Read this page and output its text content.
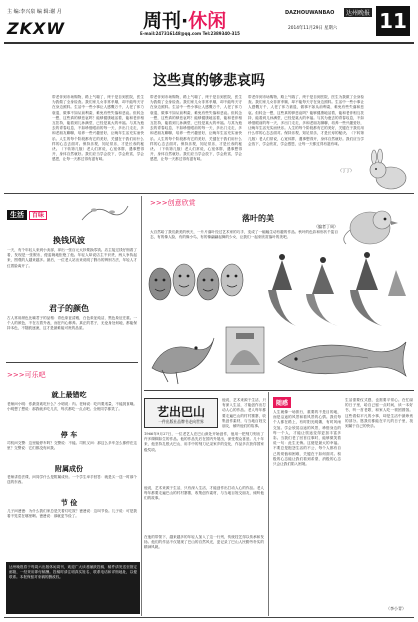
主 编:李兴泉 编 辑:谢 月
ZKXW	周刊·休闲
E-mail:247316148@qq.com Tel:2389340-315
DAZHOUWANBAO	达州晚报
2014年11月29日 星期六 11
这些真的够悲哀吗
带老伴到市场购物，路上气喘了，终于是自到医院，医生为我做了全身检查。我们家儿女非常孝顺，却不能每天守在身边照料。生活中一些小事让人感慨万千，人老了体力衰退，做事不如从前利索，难免有些失落和悲哀。但转念一想，这些真的够悲哀吗？能够健康地活着，能和老伴相互扶持，能看到儿孙满堂，已经是莫大的幸福。与其为逝去的青春叹息，不如珍惜眼前的每一天，多出门走走，多和老朋友聊聊，培养一些兴趣爱好，让晚年生活充实而快乐。人生的每个阶段都有它的美好，关键在于我们用什么样的心态去面对。保持乐观，知足常乐，才是长寿的秘诀。（下转第几版）老人们常说，心宽体胖，遇事想得开，身体自然就好。我们应当学会放下，学会欣赏，学会感恩，让每一天都过得有滋有味。
带老伴到市场购物，路上气喘了，终于是自到医院，医生为我做了全身检查。我们家儿女非常孝顺，却不能每天守在身边照料。生活中一些小事让人感慨万千，人老了体力衰退，做事不如从前利索，难免有些失落和悲哀。但转念一想，这些真的够悲哀吗？能够健康地活着，能和老伴相互扶持，能看到儿孙满堂，已经是莫大的幸福。与其为逝去的青春叹息，不如珍惜眼前的每一天，多出门走走，多和老朋友聊聊，培养一些兴趣爱好，让晚年生活充实而快乐。人生的每个阶段都有它的美好，关键在于我们用什么样的心态去面对。保持乐观，知足常乐，才是长寿的秘诀。（下转第几版）老人们常说，心宽体胖，遇事想得开，身体自然就好。我们应当学会放下，学会欣赏，学会感恩，让每一天都过得有滋有味。
带老伴到市场购物，路上气喘了，终于是自到医院，医生为我做了全身检查。我们家儿女非常孝顺，却不能每天守在身边照料。生活中一些小事让人感慨万千，人老了体力衰退，做事不如从前利索，难免有些失落和悲哀。但转念一想，这些真的够悲哀吗？能够健康地活着，能和老伴相互扶持，能看到儿孙满堂，已经是莫大的幸福。与其为逝去的青春叹息，不如珍惜眼前的每一天，多出门走走，多和老朋友聊聊，培养一些兴趣爱好，让晚年生活充实而快乐。人生的每个阶段都有它的美好，关键在于我们用什么样的心态去面对。保持乐观，知足常乐，才是长寿的秘诀。（下转第几版）老人们常说，心宽体胖，遇事想得开，身体自然就好。我们应当学会放下，学会欣赏，学会感恩，让每一天都过得有滋有味。
（丁丁）
生活 百味
换钱风波
一天，有个年轻人来到小卖部，拿出一张百元大钞要换零钱。店主接过钱仔细看了看，发现是一张假币，便委婉地拒绝了他。年轻人却说店主不识货，两人争执起来，围观的人越来越多。最后，一位老人站出来说明了假币的辨别方法，年轻人才红着脸离开了。
君子的颜色
古人常用颜色比喻君子的品格：青色象征清雅，白色象征纯洁，黑色象征庄重。一个人的颜色，不在衣着外表，而在内心修养。真正的君子，无论身处何地，都能保持本色，不随波逐流，这才是最难能可贵的品质。
>>>可乐吧
就上最错吃
老师问小明：你最喜欢吃什么？小明说：肉。老师说：吃肉要适量，不能挑食哦。小明想了想说：那我就多吃几次，每次都吃一点点吧。全班同学都笑了。
停 车
司机问交警：这里能停车吗？交警说：不能。司机又问：那这么多车怎么都停在这里？交警说：它们都没有问我。
附属成份
老师讲语法课，问同学什么是附属成份。一个学生举手回答：就是买一送一时那个送的东西。
节 俭
儿子问爸爸：为什么我们家总是关着灯吃饭？爸爸说：这叫节俭。儿子说：可是我看不见菜在哪里啊。爸爸说：那就更节俭了。
达州晚报将于每周六出版休闲周刊，欢迎广大读者踊跃投稿，稿件请发送至指定邮箱，一经采用即付稿酬。投稿时请注明真实姓名、联系电话和详细地址，以便联系。本报保留对来稿的删改权。
>>>创意欣赏
落叶的美
（编者丁周）
大自然给了我们最美的秋天，一片片落叶经过艺术家的巧手，变成了一幅幅生动有趣的作品。秋叶的色彩和形状千姿百态，有的像人脸，有的像小鸟，有的像翩翩起舞的少女，让我们一起来欣赏落叶的美吧。
艺出巴山
一件出版社品牌书走向世界
1966年9月27日，一位老艺人在巴山深处开始创作，他用一把刻刀刻出了许多栩栩如生的作品。他的作品先后在国内外展出，深受观众喜爱。几十年来，他坚持扎根大巴山，用手中的刻刀记录家乡的变化，作品多次获得国家级奖项。
他说，艺术来源于生活，只有深入生活，才能创作出打动人心的作品。老人每年都要走遍巴山的村村寨寨，收集创作素材，与当地百姓交朋友，倾听他们的故事。
在他的带领下，越来越多的年轻人加入了这一行列，传统技艺得以传承和发扬。他们的作品不仅展现了巴山的自然风光，更记录了巴山人民勤劳朴实的精神风貌。
他说，艺术来源于生活，只有深入生活，才能创作出打动人心的作品。老人每年都要走遍巴山的村村寨寨，收集创作素材，与当地百姓交朋友，倾听他们的故事。
随感
人生就像一场旅行，重要的不是目的地，而是沿途的风景和看风景的心情。我们每个人都在路上，有时阳光明媚，有时风雨交加。学会欣赏沿途的风景，珍惜身边的每一个人，才能让旅途变得更加丰富多彩。当我们老了回首往事时，能够微笑着说一句：此生无悔。这便是最大的幸福。不要总是抱怨生活的不公，每个人都有自己的烦恼和困难，关键在于如何面对。积极的心态能让我们看到希望，消极的心态只会让我们陷入困境。
生活需要仪式感，也需要平常心。在忙碌的日子里，给自己留一点时间，读一本好书，听一首老歌，和家人吃一顿团圆饭。这些看似平凡的小事，却是生活中最珍贵的部分。愿我们都能在平凡的日子里，找到属于自己的快乐。
（李小青）
